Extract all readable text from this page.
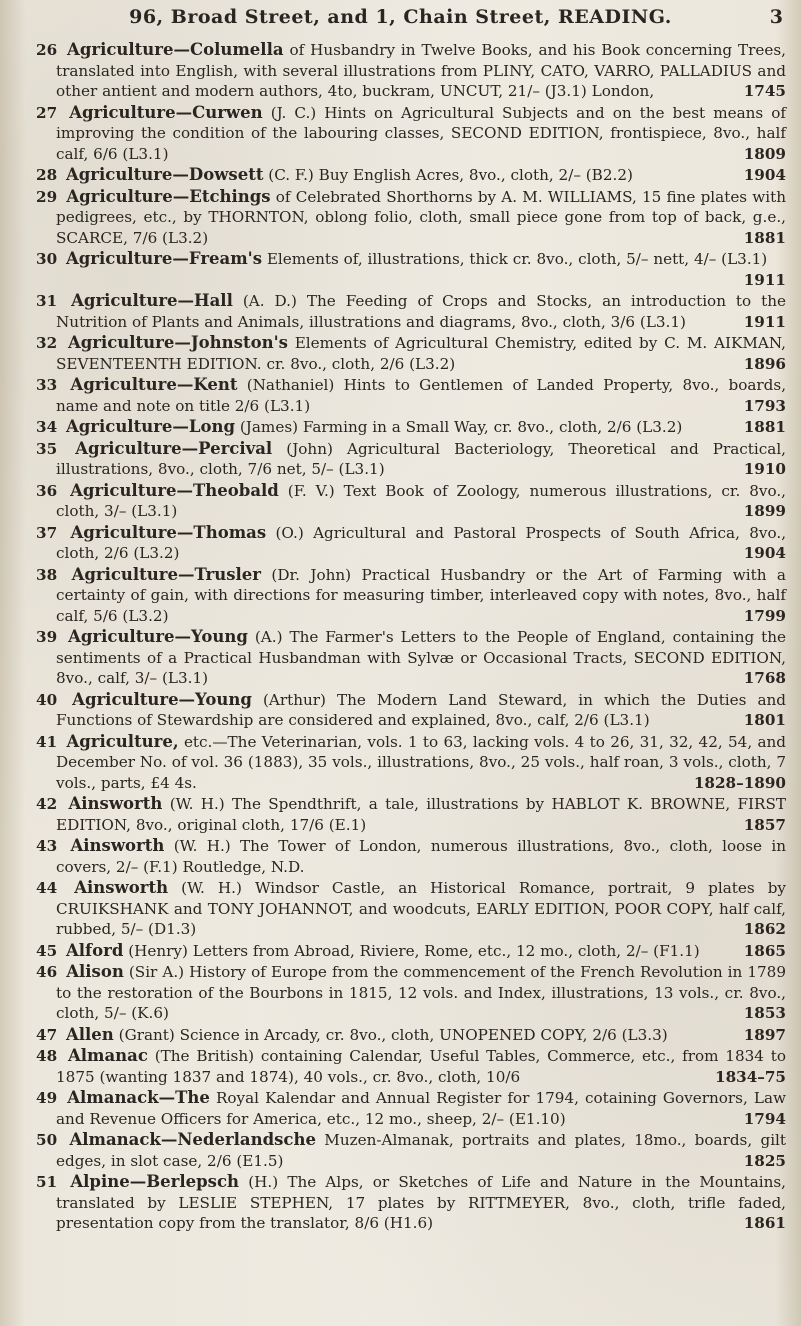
96, Broad Street, and 1, Chain Street, READING.	3

26 Agriculture—Columella of Husbandry in Twelve Books, and his Book concerning Trees, translated into English, with several illustrations from PLINY, CATO, VARRO, PALLADIUS and other antient and modern authors, 4to, buckram, UNCUT, 21/– (J3.1) London,	1745

27 Agriculture—Curwen (J. C.) Hints on Agricultural Subjects and on the best means of improving the condition of the labouring classes, SECOND EDITION, frontispiece, 8vo., half calf, 6/6 (L3.1)	1809

28 Agriculture—Dowsett (C. F.) Buy English Acres, 8vo., cloth, 2/– (B2.2)	1904

29 Agriculture—Etchings of Celebrated Shorthorns by A. M. WILLIAMS, 15 fine plates with pedigrees, etc., by THORNTON, oblong folio, cloth, small piece gone from top of back, g.e., SCARCE, 7/6 (L3.2)	1881

30 Agriculture—Fream's Elements of, illustrations, thick cr. 8vo., cloth, 5/– nett, 4/– (L3.1)
1911

31 Agriculture—Hall (A. D.) The Feeding of Crops and Stocks, an introduction to the Nutrition of Plants and Animals, illustrations and diagrams, 8vo., cloth, 3/6 (L3.1)	1911

32 Agriculture—Johnston's Elements of Agricultural Chemistry, edited by C. M. AIKMAN, SEVENTEENTH EDITION. cr. 8vo., cloth, 2/6 (L3.2)	1896

33 Agriculture—Kent (Nathaniel) Hints to Gentlemen of Landed Property, 8vo., boards, name and note on title 2/6 (L3.1)	1793

34 Agriculture—Long (James) Farming in a Small Way, cr. 8vo., cloth, 2/6 (L3.2)	1881

35 Agriculture—Percival (John) Agricultural Bacteriology, Theoretical and Practical, illustrations, 8vo., cloth, 7/6 net, 5/– (L3.1)	1910

36 Agriculture—Theobald (F. V.) Text Book of Zoology, numerous illustrations, cr. 8vo., cloth, 3/– (L3.1)	1899

37 Agriculture—Thomas (O.) Agricultural and Pastoral Prospects of South Africa, 8vo., cloth, 2/6 (L3.2)	1904

38 Agriculture—Trusler (Dr. John) Practical Husbandry or the Art of Farming with a certainty of gain, with directions for measuring timber, interleaved copy with notes, 8vo., half calf, 5/6 (L3.2)	1799

39 Agriculture—Young (A.) The Farmer's Letters to the People of England, containing the sentiments of a Practical Husbandman with Sylvæ or Occasional Tracts, SECOND EDITION, 8vo., calf, 3/– (L3.1)	1768

40 Agriculture—Young (Arthur) The Modern Land Steward, in which the Duties and Functions of Stewardship are considered and explained, 8vo., calf, 2/6 (L3.1)	1801

41 Agriculture, etc.—The Veterinarian, vols. 1 to 63, lacking vols. 4 to 26, 31, 32, 42, 54, and December No. of vol. 36 (1883), 35 vols., illustrations, 8vo., 25 vols., half roan, 3 vols., cloth, 7 vols., parts, £4 4s.	1828–1890

42 Ainsworth (W. H.) The Spendthrift, a tale, illustrations by HABLOT K. BROWNE, FIRST EDITION, 8vo., original cloth, 17/6 (E.1)	1857

43 Ainsworth (W. H.) The Tower of London, numerous illustrations, 8vo., cloth, loose in covers, 2/– (F.1) Routledge, N.D.

44 Ainsworth (W. H.) Windsor Castle, an Historical Romance, portrait, 9 plates by CRUIKSHANK and TONY JOHANNOT, and woodcuts, EARLY EDITION, POOR COPY, half calf, rubbed, 5/– (D1.3)	1862

45 Alford (Henry) Letters from Abroad, Riviere, Rome, etc., 12 mo., cloth, 2/– (F1.1)	1865

46 Alison (Sir A.) History of Europe from the commencement of the French Revolution in 1789 to the restoration of the Bourbons in 1815, 12 vols. and Index, illustrations, 13 vols., cr. 8vo., cloth, 5/– (K.6)	1853

47 Allen (Grant) Science in Arcady, cr. 8vo., cloth, UNOPENED COPY, 2/6 (L3.3)	1897

48 Almanac (The British) containing Calendar, Useful Tables, Commerce, etc., from 1834 to 1875 (wanting 1837 and 1874), 40 vols., cr. 8vo., cloth, 10/6	1834–75

49 Almanack—The Royal Kalendar and Annual Register for 1794, cotaining Governors, Law and Revenue Officers for America, etc., 12 mo., sheep, 2/– (E1.10)	1794

50 Almanack—Nederlandsche Muzen-Almanak, portraits and plates, 18mo., boards, gilt edges, in slot case, 2/6 (E1.5)	1825

51 Alpine—Berlepsch (H.) The Alps, or Sketches of Life and Nature in the Mountains, translated by LESLIE STEPHEN, 17 plates by RITTMEYER, 8vo., cloth, trifle faded, presentation copy from the translator, 8/6 (H1.6)	1861
